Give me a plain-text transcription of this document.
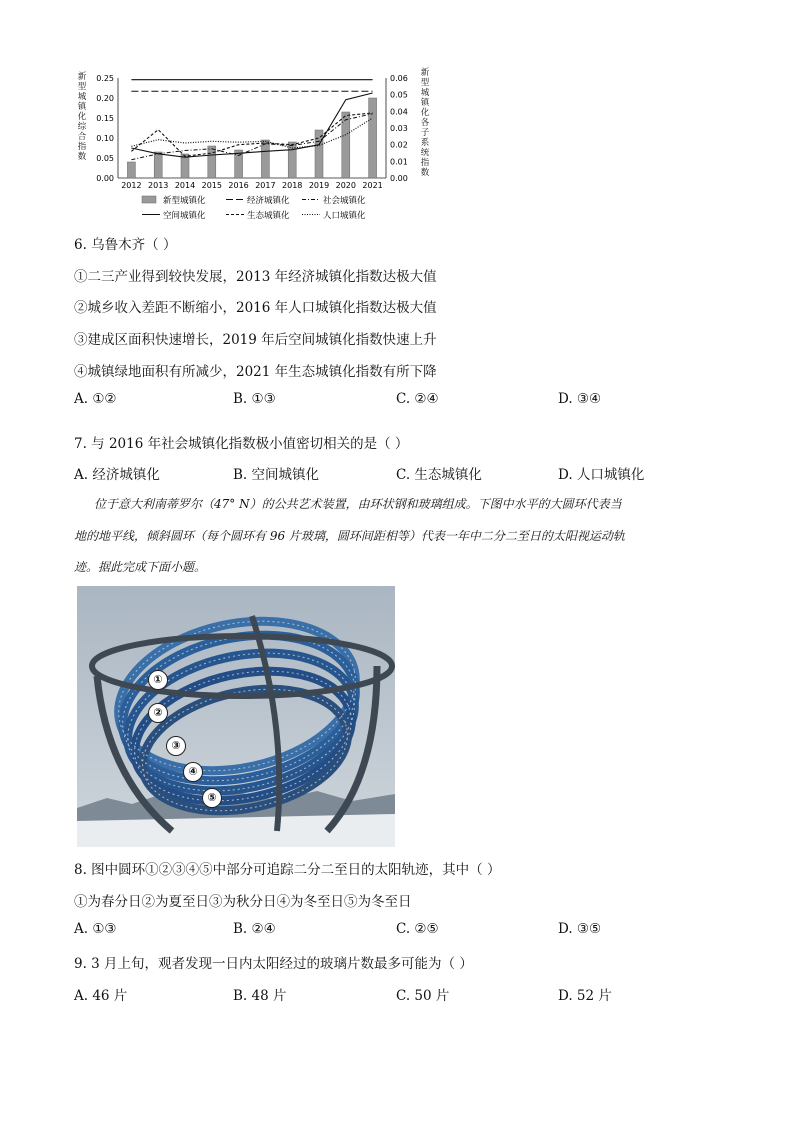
0.25
0.20
0.15
0.10
0.05
0.00
0.06
0.05
0.04
0.03
0.02
0.01
0.00
2012 2013 2014 2015 2016 2017 2018 2019 2020 2021
新型城镇化	经济城镇化	社会城镇化
空间城镇化	生态城镇化	人口城镇化
新
型
城
镇
化
综
合
指
数
新
型
城
镇
化
各
子
系
统
指
数
6. 乌鲁木齐（ ）
①二三产业得到较快发展，2013 年经济城镇化指数达极大值
②城乡收入差距不断缩小，2016 年人口城镇化指数达极大值
③建成区面积快速增长，2019 年后空间城镇化指数快速上升
④城镇绿地面积有所减少，2021 年生态城镇化指数有所下降
A. ①②	B. ①③	C. ②④	D. ③④
7. 与 2016 年社会城镇化指数极小值密切相关的是（ ）
A. 经济城镇化	B. 空间城镇化	C. 生态城镇化	D. 人口城镇化
位于意大利南蒂罗尔（47° N）的公共艺术装置，由环状钢和玻璃组成。下图中水平的大圆环代表当
地的地平线，倾斜圆环（每个圆环有 96 片玻璃，圆环间距相等）代表一年中二分二至日的太阳视运动轨
迹。据此完成下面小题。
①
②
③
④
⑤
8. 图中圆环①②③④⑤中部分可追踪二分二至日的太阳轨迹，其中（ ）
①为春分日②为夏至日③为秋分日④为冬至日⑤为冬至日
A. ①③	B. ②④	C. ②⑤	D. ③⑤
9. 3 月上旬，观者发现一日内太阳经过的玻璃片数最多可能为（ ）
A. 46 片	B. 48 片	C. 50 片	D. 52 片
